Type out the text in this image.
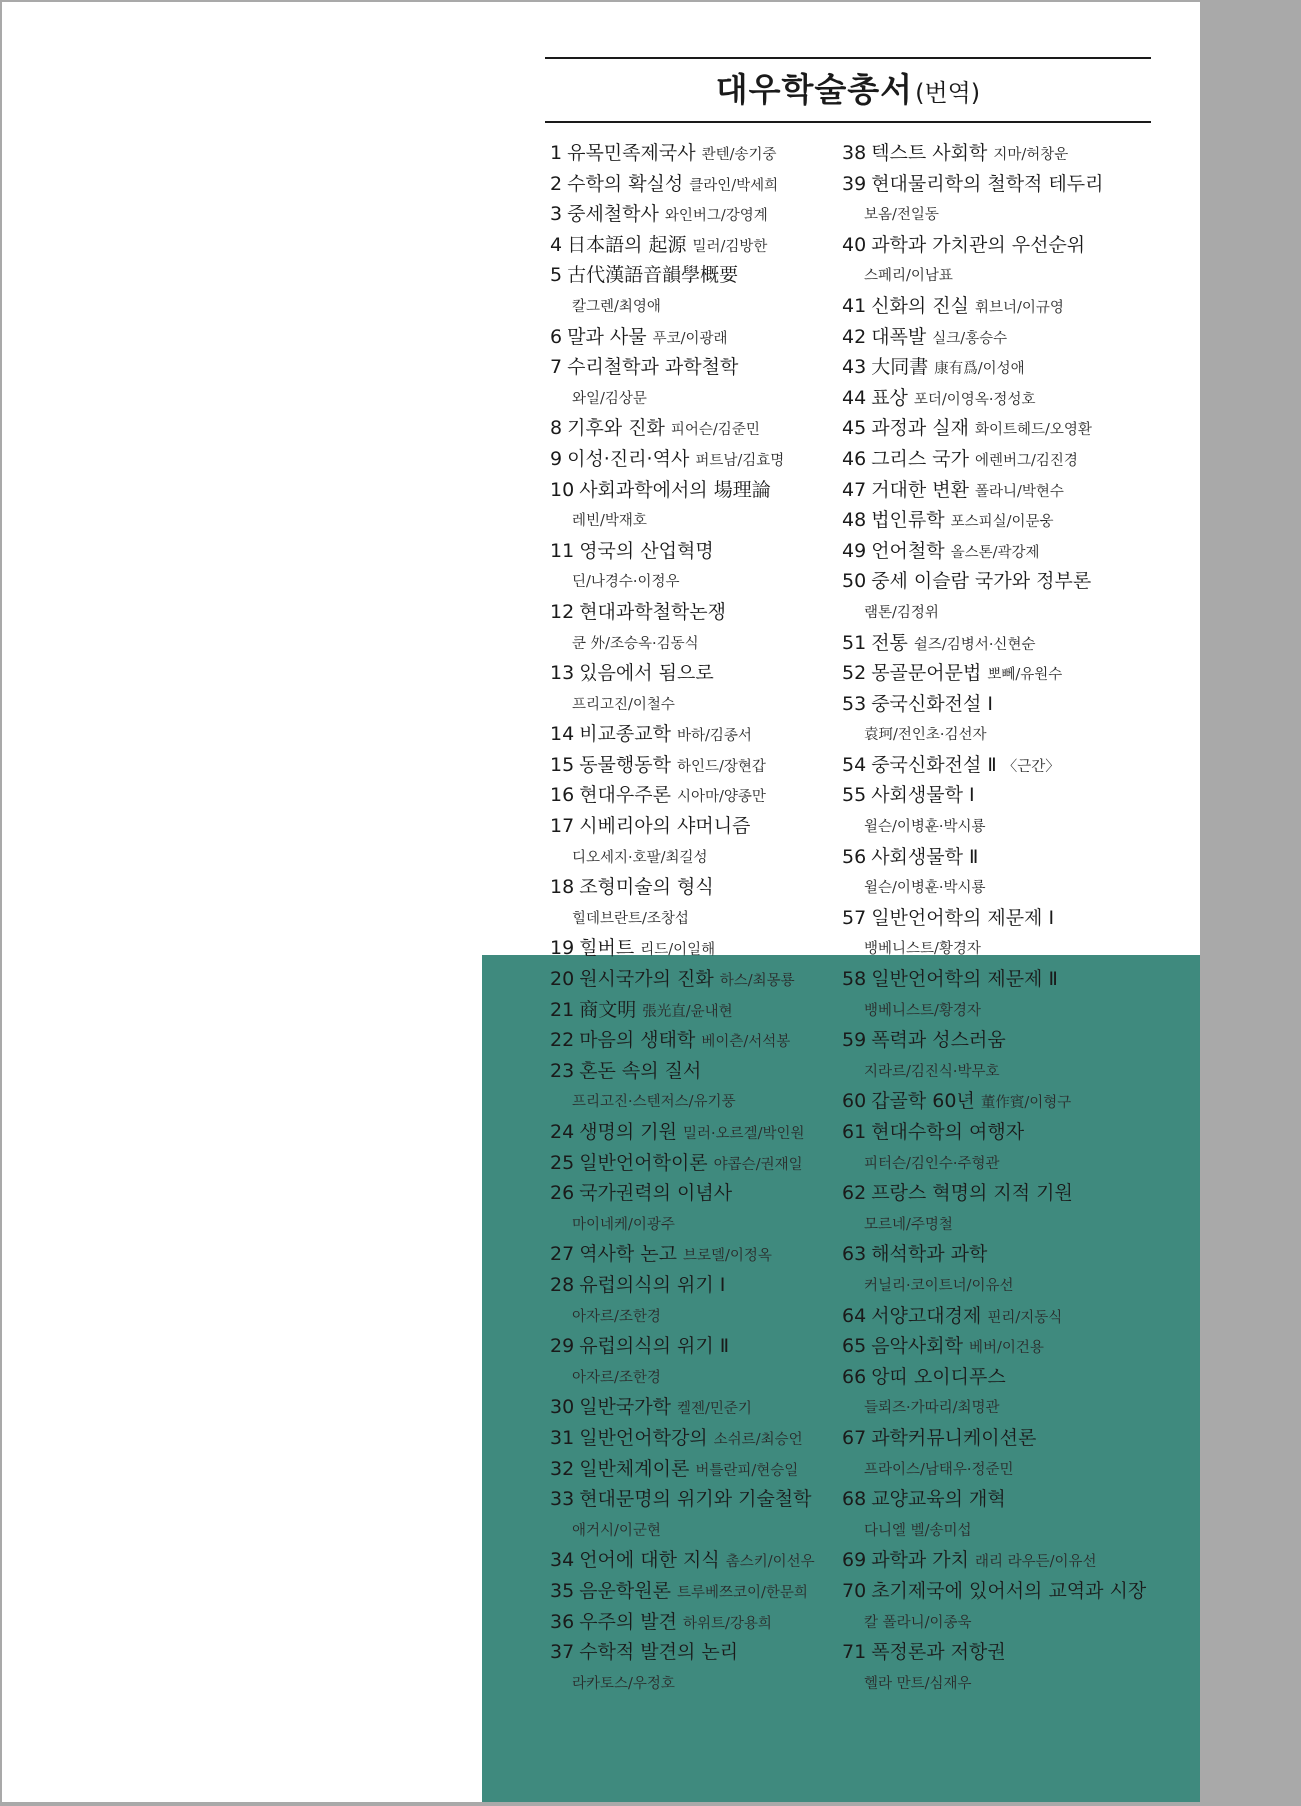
대우학술총서(번역)
1 유목민족제국사 콴텐/송기중
2 수학의 확실성 클라인/박세희
3 중세철학사 와인버그/강영계
4 日本語의 起源 밀러/김방한
5 古代漢語音韻學概要
칼그렌/최영애
6 말과 사물 푸코/이광래
7 수리철학과 과학철학
와일/김상문
8 기후와 진화 피어슨/김준민
9 이성·진리·역사 퍼트남/김효명
10 사회과학에서의 場理論
레빈/박재호
11 영국의 산업혁명
딘/나경수·이정우
12 현대과학철학논쟁
쿤 外/조승옥·김동식
13 있음에서 됨으로
프리고진/이철수
14 비교종교학 바하/김종서
15 동물행동학 하인드/장현갑
16 현대우주론 시아마/양종만
17 시베리아의 샤머니즘
디오세지·호팔/최길성
18 조형미술의 형식
힐데브란트/조창섭
19 힐버트 리드/이일해
20 원시국가의 진화 하스/최몽룡
21 商文明 張光直/윤내현
22 마음의 생태학 베이츤/서석봉
23 혼돈 속의 질서
프리고진·스텐저스/유기풍
24 생명의 기원 밀러·오르겔/박인원
25 일반언어학이론 야콥슨/권재일
26 국가권력의 이념사
마이네케/이광주
27 역사학 논고 브로델/이정옥
28 유럽의식의 위기 Ⅰ
아자르/조한경
29 유럽의식의 위기 Ⅱ
아자르/조한경
30 일반국가학 켈젠/민준기
31 일반언어학강의 소쉬르/최승언
32 일반체계이론 버틀란피/현승일
33 현대문명의 위기와 기술철학
애거시/이군현
34 언어에 대한 지식 촘스키/이선우
35 음운학원론 트루베쯔코이/한문희
36 우주의 발견 하위트/강용희
37 수학적 발견의 논리
라카토스/우정호
38 텍스트 사회학 지마/허창운
39 현대물리학의 철학적 테두리
보옴/전일동
40 과학과 가치관의 우선순위
스페리/이남표
41 신화의 진실 휘브너/이규영
42 대폭발 실크/홍승수
43 大同書 康有爲/이성애
44 표상 포더/이영옥·정성호
45 과정과 실재 화이트헤드/오영환
46 그리스 국가 에렌버그/김진경
47 거대한 변환 폴라니/박현수
48 법인류학 포스피실/이문웅
49 언어철학 올스톤/곽강제
50 중세 이슬람 국가와 정부론
램톤/김정위
51 전통 쉴즈/김병서·신현순
52 몽골문어문법 뽀뻬/유원수
53 중국신화전설 Ⅰ
袁珂/전인초·김선자
54 중국신화전설 Ⅱ 〈근간〉
55 사회생물학 Ⅰ
윌슨/이병훈·박시룡
56 사회생물학 Ⅱ
윌슨/이병훈·박시룡
57 일반언어학의 제문제 Ⅰ
뱅베니스트/황경자
58 일반언어학의 제문제 Ⅱ
뱅베니스트/황경자
59 폭력과 성스러움
지라르/김진식·박무호
60 갑골학 60년 董作賓/이형구
61 현대수학의 여행자
피터슨/김인수·주형관
62 프랑스 혁명의 지적 기원
모르네/주명철
63 해석학과 과학
커닐리·코이트너/이유선
64 서양고대경제 핀리/지동식
65 음악사회학 베버/이건용
66 앙띠 오이디푸스
들뢰즈·가따리/최명관
67 과학커뮤니케이션론
프라이스/남태우·정준민
68 교양교육의 개혁
다니엘 벨/송미섭
69 과학과 가치 래리 라우든/이유선
70 초기제국에 있어서의 교역과 시장
칼 폴라니/이종욱
71 폭정론과 저항권
헬라 만트/심재우
